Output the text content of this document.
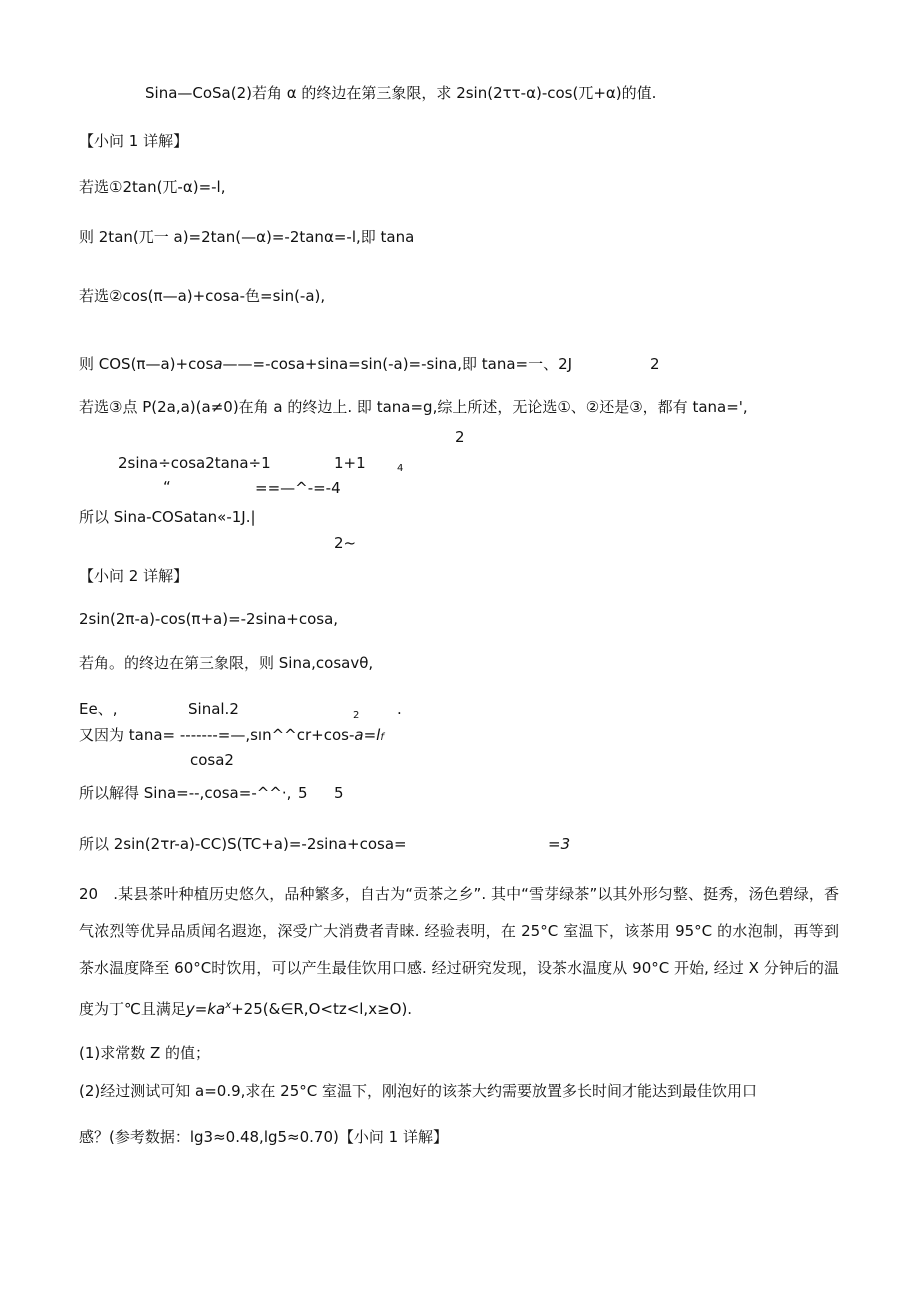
Sina—CoSa(2)若角 α 的终边在第三象限，求 2sin(2ττ-α)-cos(兀+α)的值.
【小问 1 详解】
若选①2tan(兀-α)=-l,
则 2tan(兀一 a)=2tan(—α)=-2tanα=-l,即 tana
若选②cos(π—a)+cosa-色=sin(-a),
则 COS(π—a)+cosa——=-cosa+sina=sin(-a)=-sina,即 tana=一、2J	2
若选③点 P(2a,a)(a≠0)在角 a 的终边上. 即 tana=g,综上所述，无论选①、②还是③，都有 tana=',
2
2sina÷cosa2tana÷1	1+1	4
“	==—^-=-4
所以 Sina-COSatan«-1J.|
2~
【小问 2 详解】
2sin(2π-a)-cos(π+a)=-2sina+cosa,
若角。的终边在第三象限，则 Sina,cosavθ,
Ee、,	Sinal.2	2	.
又因为 tana= -------=—,sın^^cr+cos-a=lf
cosa2
所以解得 Sina=--,cosa=-^^·, 5 5
所以 2sin(2τr-a)-CC)S(TC+a)=-2sina+cosa=	=3
20　.某县茶叶种植历史悠久，品种繁多，自古为“贡茶之乡”. 其中“雪芽绿茶”以其外形匀整、挺秀，汤色碧绿，香气浓烈等优异品质闻名遐迩，深受广大消费者青睐. 经验表明，在 25°C 室温下，该茶用 95°C 的水泡制，再等到茶水温度降至 60°C时饮用，可以产生最佳饮用口感. 经过研究发现，设茶水温度从 90°C 开始, 经过 X 分钟后的温度为丁℃且满足$y=ka^x+25(\&\in R,O<tz<l,x\ge O)$.
(1)求常数 Z 的值；
(2)经过测试可知 a=0.9,求在 25°C 室温下，刚泡好的该茶大约需要放置多长时间才能达到最佳饮用口
感？(参考数据：lg3≈0.48,lg5≈0.70)【小问 1 详解】
